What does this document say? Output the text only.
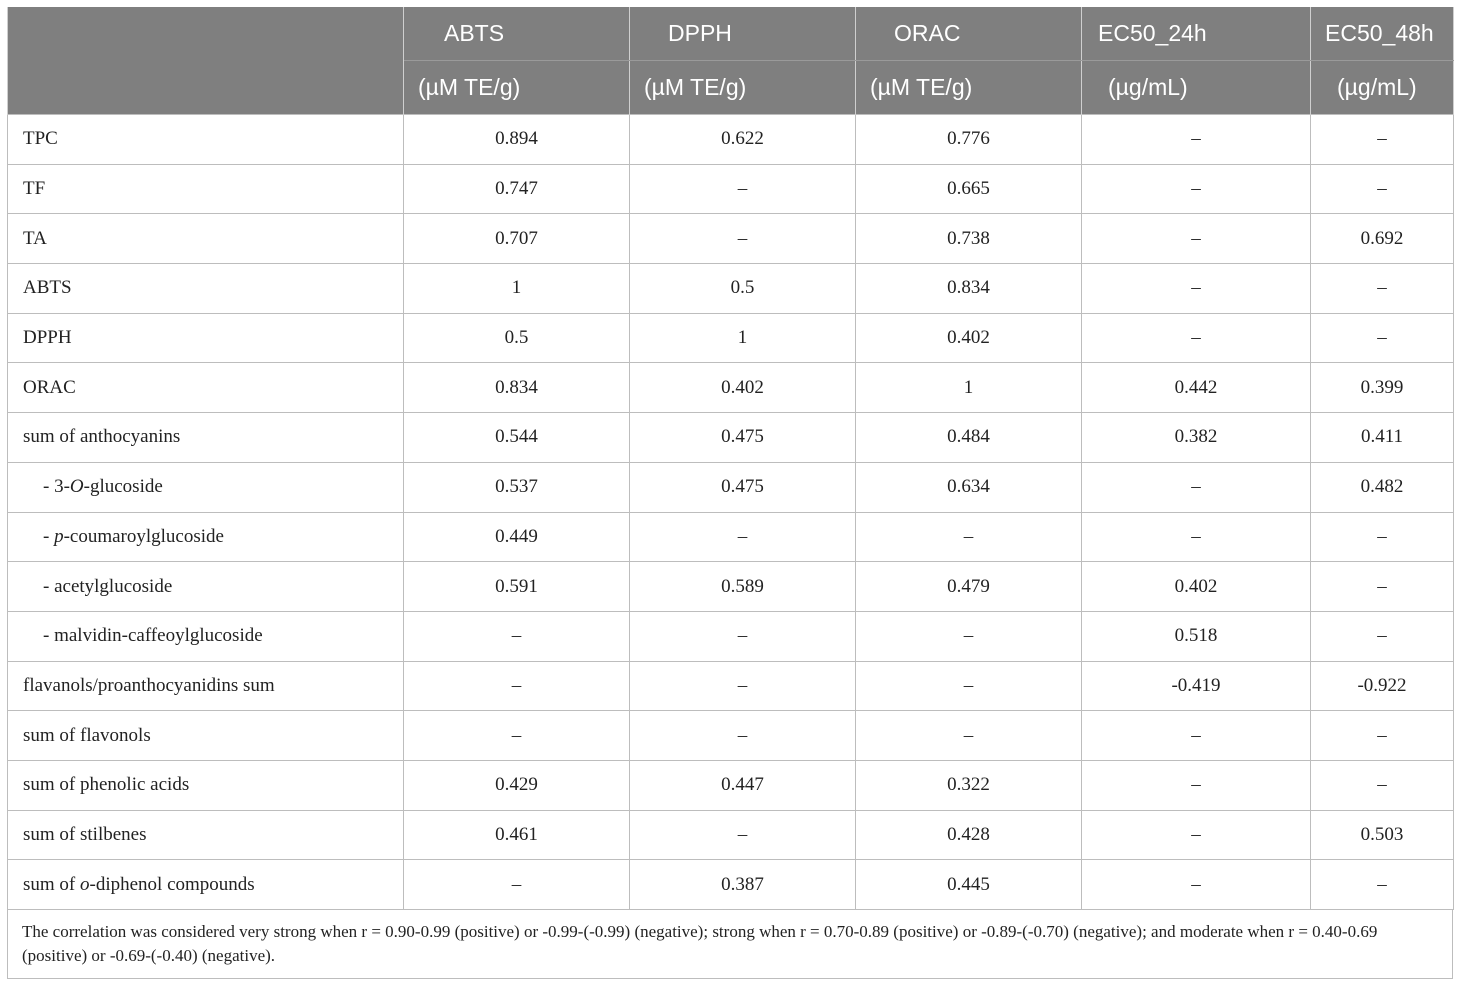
	ABTS	DPPH	ORAC	EC50_24h	EC50_48h
	(µM TE/g)	(µM TE/g)	(µM TE/g)	(µg/mL)	(µg/mL)
TPC	0.894	0.622	0.776	–	–
TF	0.747	–	0.665	–	–
TA	0.707	–	0.738	–	0.692
ABTS	1	0.5	0.834	–	–
DPPH	0.5	1	0.402	–	–
ORAC	0.834	0.402	1	0.442	0.399
sum of anthocyanins	0.544	0.475	0.484	0.382	0.411
- 3-O-glucoside	0.537	0.475	0.634	–	0.482
- p-coumaroylglucoside	0.449	–	–	–	–
- acetylglucoside	0.591	0.589	0.479	0.402	–
- malvidin-caffeoylglucoside	–	–	–	0.518	–
flavanols/proanthocyanidins sum	–	–	–	-0.419	-0.922
sum of flavonols	–	–	–	–	–
sum of phenolic acids	0.429	0.447	0.322	–	–
sum of stilbenes	0.461	–	0.428	–	0.503
sum of o-diphenol compounds	–	0.387	0.445	–	–
The correlation was considered very strong when r = 0.90-0.99 (positive) or -0.99-(-0.99) (negative); strong when r = 0.70-0.89 (positive) or -0.89-(-0.70) (negative); and moderate when r = 0.40-0.69 (positive) or -0.69-(-0.40) (negative).
